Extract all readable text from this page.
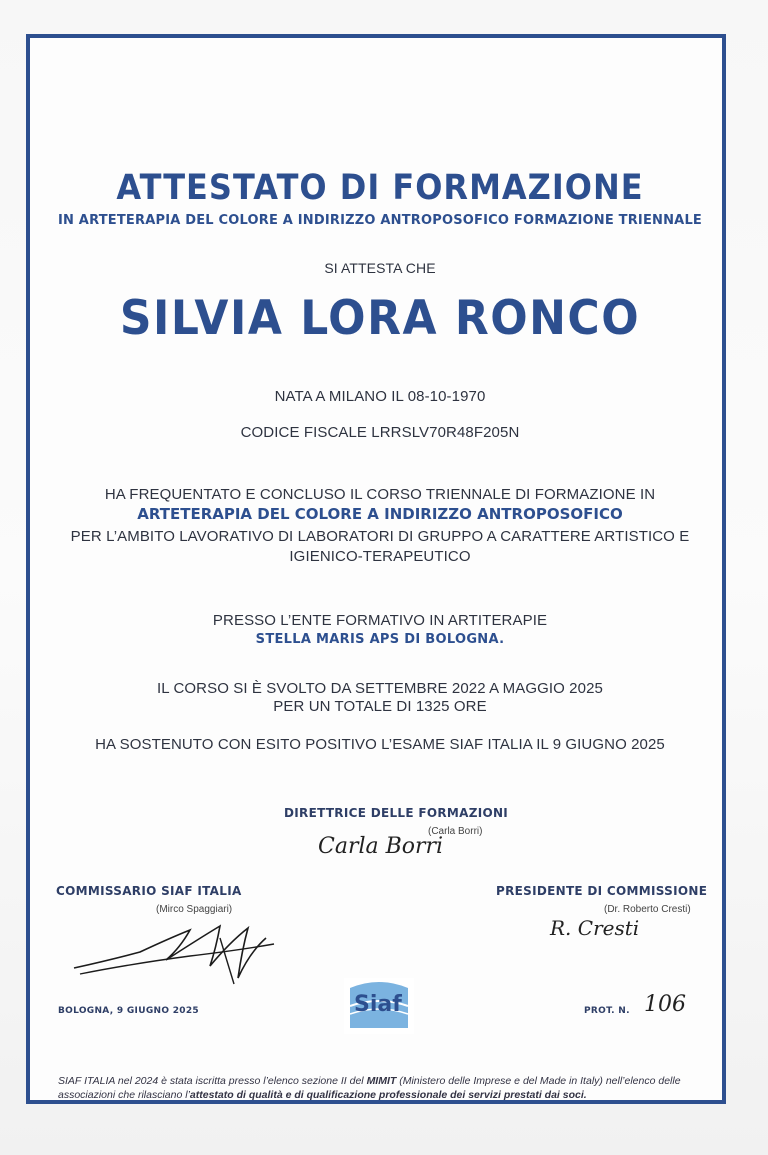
ATTESTATO DI FORMAZIONE
IN ARTETERAPIA DEL COLORE A INDIRIZZO ANTROPOSOFICO FORMAZIONE TRIENNALE
SI ATTESTA CHE
SILVIA LORA RONCO
NATA A MILANO IL 08-10-1970
CODICE FISCALE LRRSLV70R48F205N
HA FREQUENTATO E CONCLUSO IL CORSO TRIENNALE DI FORMAZIONE IN
ARTETERAPIA DEL COLORE A INDIRIZZO ANTROPOSOFICO
PER L’AMBITO LAVORATIVO DI LABORATORI DI GRUPPO A CARATTERE ARTISTICO E
IGIENICO-TERAPEUTICO
PRESSO L’ENTE FORMATIVO IN ARTITERAPIE
STELLA MARIS APS DI BOLOGNA.
IL CORSO SI È SVOLTO DA SETTEMBRE 2022 A MAGGIO 2025
PER UN TOTALE DI 1325 ORE
HA SOSTENUTO CON ESITO POSITIVO L’ESAME SIAF ITALIA IL 9 GIUGNO 2025
DIRETTRICE DELLE FORMAZIONI
(Carla Borri)
Carla Borri
COMMISSARIO SIAF ITALIA
(Mirco Spaggiari)
PRESIDENTE DI COMMISSIONE
(Dr. Roberto Cresti)
R. Cresti
BOLOGNA, 9 GIUGNO 2025	PROT. N. 106
Siaf
SIAF ITALIA nel 2024 è stata iscritta presso l’elenco sezione II del MIMIT (Ministero delle Imprese e del Made in Italy) nell’elenco delle associazioni che rilasciano l’attestato di qualità e di qualificazione professionale dei servizi prestati dai soci.
